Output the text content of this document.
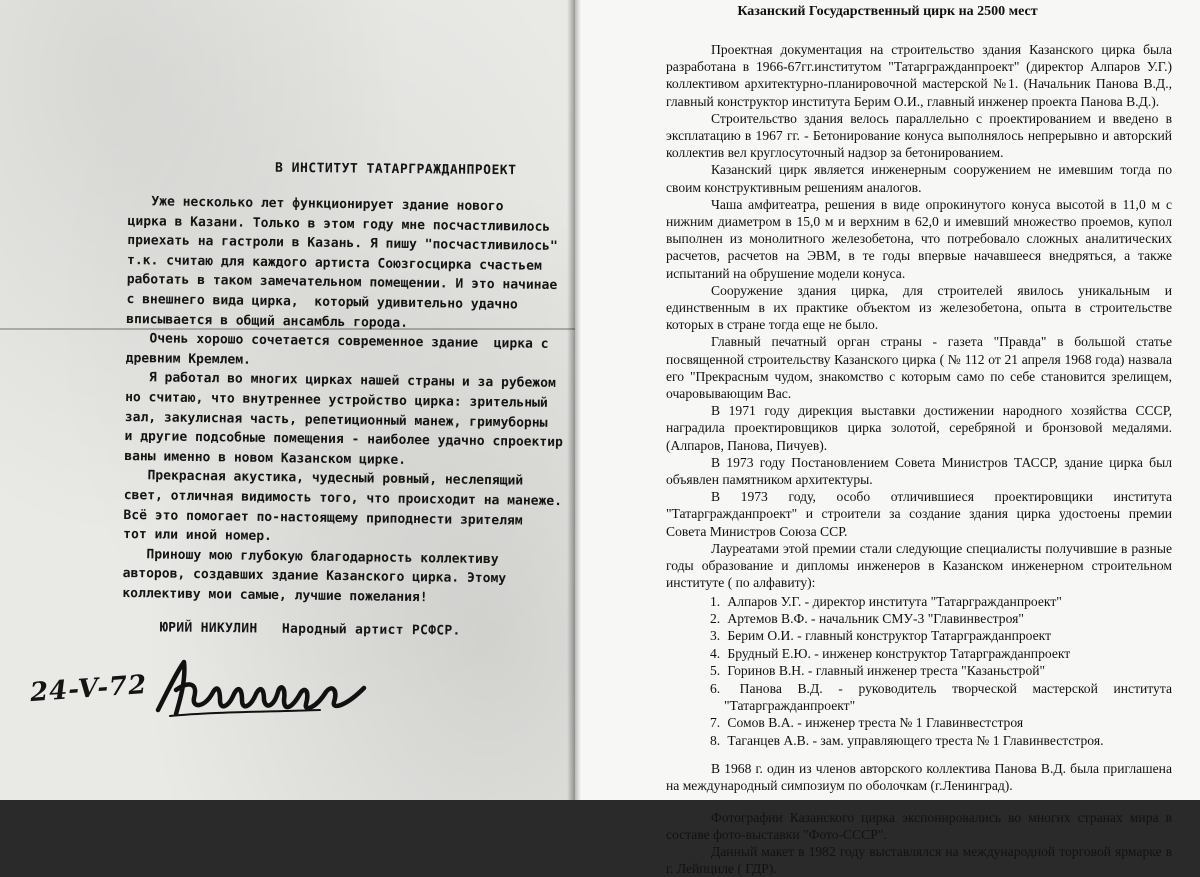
В ИНСТИТУТ ТАТАРГРАЖДАНПРОЕКТ
Уже несколько лет функционирует здание нового
цирка в Казани. Только в этом году мне посчастливилось
приехать на гастроли в Казань. Я пишу "посчастливилось"
т.к. считаю для каждого артиста Союзгосцирка счастьем
работать в таком замечательном помещении. И это начинае
с внешнего вида цирка,  который удивительно удачно
вписывается в общий ансамбль города.
Очень хорошо сочетается современное здание  цирка с
древним Кремлем.
Я работал во многих цирках нашей страны и за рубежом
но считаю, что внутреннее устройство цирка: зрительный
зал, закулисная часть, репетиционный манеж, гримуборны
и другие подсобные помещения - наиболее удачно спроектир
ваны именно в новом Казанском цирке.
Прекрасная акустика, чудесный ровный, неслепящий
свет, отличная видимость того, что происходит на манеже.
Всё это помогает по-настоящему приподнести зрителям
тот или иной номер.
Приношу мою глубокую благодарность коллективу
авторов, создавших здание Казанского цирка. Этому
коллективу мои самые, лучшие пожелания!
ЮРИЙ НИКУЛИН   Народный артист РСФСР.
24-V-72
Казанский Государственный цирк на 2500 мест

Проектная документация на строительство здания Казанского цирка была разработана в 1966-67гг.институтом "Татаргражданпроект" (директор Алпаров У.Г.) коллективом архитектурно-планировочной мастерской №1. (Начальник Панова В.Д., главный конструктор института Берим О.И., главный инженер проекта Панова В.Д.).

Строительство здания велось параллельно с проектированием и введено в эксплатацию в 1967 гг. - Бетонирование конуса выполнялось непрерывно и авторский коллектив вел круглосуточный надзор за бетонированием.

Казанский цирк является инженерным сооружением не имевшим тогда по своим конструктивным решениям аналогов.

Чаша амфитеатра, решения в виде опрокинутого конуса высотой в 11,0 м с нижним диаметром в 15,0 м и верхним в 62,0 и имевший множество проемов, купол выполнен из монолитного железобетона, что потребовало сложных аналитических расчетов, расчетов на ЭВМ, в те годы впервые начавшееся внедряться, а также испытаний на обрушение модели конуса.

Сооружение здания цирка, для строителей явилось уникальным и единственным в их практике объектом из железобетона, опыта в строительстве которых в стране тогда еще не было.

Главный печатный орган страны - газета "Правда" в большой статье посвященной строительству Казанского цирка ( № 112 от 21 апреля 1968 года) назвала его "Прекрасным чудом, знакомство с которым само по себе становится зрелищем, очаровывающим Вас.

В 1971 году дирекция выставки достижении народного хозяйства СССР, наградила проектировщиков цирка золотой, серебряной и бронзовой медалями. (Алпаров, Панова, Пичуев).

В 1973 году Постановлением Совета Министров ТАССР, здание цирка был объявлен памятником архитектуры.

В 1973 году, особо отличившиеся проектировщики института "Татаргражданпроект" и строители за создание здания цирка удостоены премии Совета Министров Союза ССР.

Лауреатами этой премии стали следующие специалисты получившие в разные годы образование и дипломы инженеров в Казанском инженерном строительном институте ( по алфавиту):

1. Алпаров У.Г. - директор института "Татаргражданпроект"
2. Артемов В.Ф. - начальник СМУ-3 "Главинвестроя"
3. Берим О.И. - главный конструктор Татаргражданпроект
4. Брудный Е.Ю. - инженер конструктор Татаргражданпроект
5. Горинов В.Н. - главный инженер треста "Казаньстрой"
6. Панова В.Д. - руководитель творческой мастерской института "Татаргражданпроект"
7. Сомов В.А. - инженер треста № 1 Главинвестстроя
8. Таганцев А.В. - зам. управляющего треста № 1 Главинвестстроя.

В 1968 г. один из членов авторского коллектива Панова В.Д. была приглашена на международный симпозиум по оболочкам (г.Ленинград).

Фотографии Казанского цирка экспонировались во многих странах мира в составе фото-выставки "Фото-СССР".

Данный макет в 1982 году выставлялся на международной торговой ярмарке в г. Лейпциле ( ГДР).
